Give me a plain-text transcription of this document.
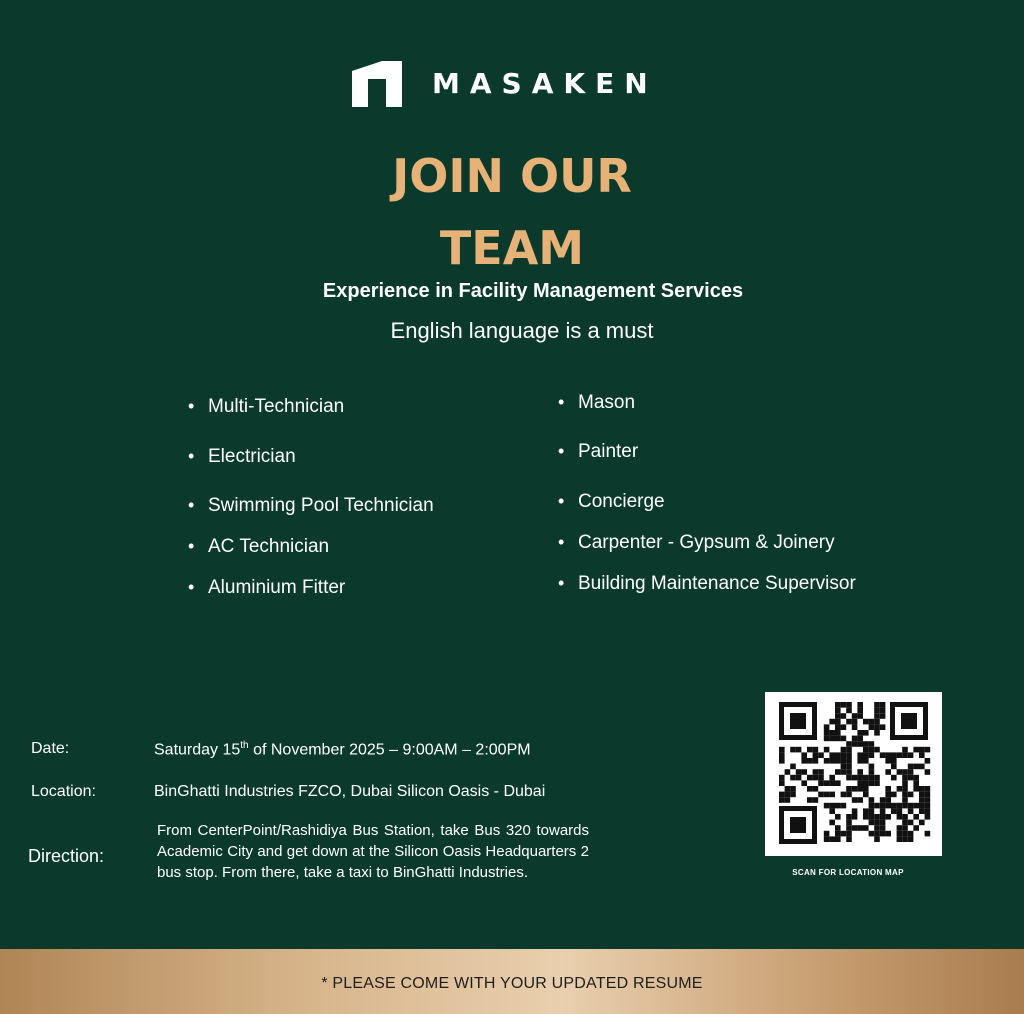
MASAKEN
JOIN OUR
TEAM
Experience in Facility Management Services
English language is a must
• Multi-Technician
• Electrician
• Swimming Pool Technician
• AC Technician
• Aluminium Fitter
• Mason
• Painter
• Concierge
• Carpenter - Gypsum & Joinery
• Building Maintenance Supervisor
Date:	Saturday 15th of November 2025 – 9:00AM – 2:00PM
Location:	BinGhatti Industries FZCO, Dubai Silicon Oasis - Dubai
Direction:
From CenterPoint/Rashidiya Bus Station, take Bus 320 towards Academic City and get down at the Silicon Oasis Headquarters 2 bus stop. From there, take a taxi to BinGhatti Industries.	SCAN FOR LOCATION MAP
* PLEASE COME WITH YOUR UPDATED RESUME
